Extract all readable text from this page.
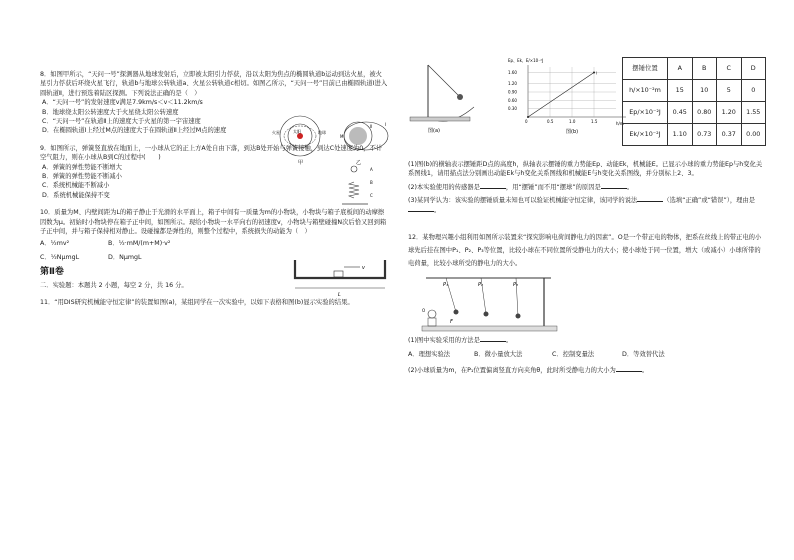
8．如图甲所示，“天问一号”探测器从地球发射后，立即被太阳引力俘获，沿以太阳为焦点的椭圆轨道b运动到达火星，被火星引力俘获后环绕火星飞行，轨道b与地球公转轨道a、火星公转轨道c相切。如图乙所示，“天问一号”目前已由椭圆轨道Ⅰ进入圆轨道Ⅱ，进行预选着陆区探测。下列说法正确的是（　）

A．“天问一号”的发射速度v满足7.9km/s＜v＜11.2km/s

B．地球绕太阳公转速度大于火星绕太阳公转速度

C．“天问一号”在轨道Ⅱ上的速度大于火星的第一宇宙速度

D．在椭圆轨道Ⅰ上经过M点的速度大于在圆轨道Ⅱ上经过M点的速度	太阳
火星	地球
甲	乙
Ⅰ
Ⅱ
M

9．如图所示，弹簧竖直放在地面上，一小球从它的正上方A处自由下落，到达B处开始与弹簧接触，到达C处速度为0，不计空气阻力，则在小球从B到C的过程中(　　)

A．弹簧的弹性势能不断增大

B．弹簧的弹性势能不断减小

C．系统机械能不断减小

D．系统机械能保持不变

A
B
C

10．质量为M、内壁间距为L的箱子静止于光滑的水平面上，箱子中间有一质量为m的小物块，小物块与箱子底板间的动摩擦因数为μ。初始时小物块停在箱子正中间，如图所示。现给小物块一水平向右的初速度v，小物块与箱壁碰撞N次后恰又回到箱子正中间，并与箱子保持相对静止。设碰撞都是弹性的，则整个过程中，系统损失的动能为（　）

A．½mv²	B．½·mM/(m+M)·v²
C．½NμmgL	D．NμmgL
v
L

第Ⅱ卷

二．实验题：本题共 2 小题，每空 2 分，共 16 分。

11．“用DIS研究机械能守恒定律”的装置如图(a)，某组同学在一次实验中，以如下表格和图(b)显示实验的结果。

图(a)
Ep、Ek、E/×10⁻²J
0.30
0.60
0.90
1.20
1.60
0	0.5	1.0	1.5
i
h/m
图(b)
摆锤位置	A	B	C	D
h/×10⁻²m	15	10	5	0
Ep/×10⁻²J	0.45	0.80	1.20	1.55
Ek/×10⁻²J	1.10	0.73	0.37	0.00

(1)图(b)的横轴表示摆锤距D点的高度h，纵轴表示摆锤的重力势能Ep、动能Ek，机械能E。已显示小球的重力势能Ep与h变化关系图线1，请用描点法分别画出动能Ek与h变化关系图线和机械能E与h变化关系图线，并分别标上2、3。

(2)本实验使用的传感器是	，用“摆锤”而不用“摆球”的原因是	。

(3)某同学认为：该实验的摆锤质量未知也可以验证机械能守恒定律，该同学的说法	（选填“正确”或“错误”），理由是。

12．某物理兴趣小组利用如图所示装置来“探究影响电荷间静电力的因素”。O是一个带正电的物体，把系在丝线上的带正电的小球先后挂在图中P₁、P₂、P₃等位置，比较小球在不同位置所受静电力的大小；使小球处于同一位置，增大（或减小）小球所带的电荷量，比较小球所受的静电力的大小。

P₁	P₂	P₃
F
O

(1)图中实验采用的方法是	。

A．理想实验法	B．微小量放大法	C．控制变量法	D．等效替代法

(2)小球质量为m，在P₁位置偏离竖直方向夹角θ，此时所受静电力的大小为	。
